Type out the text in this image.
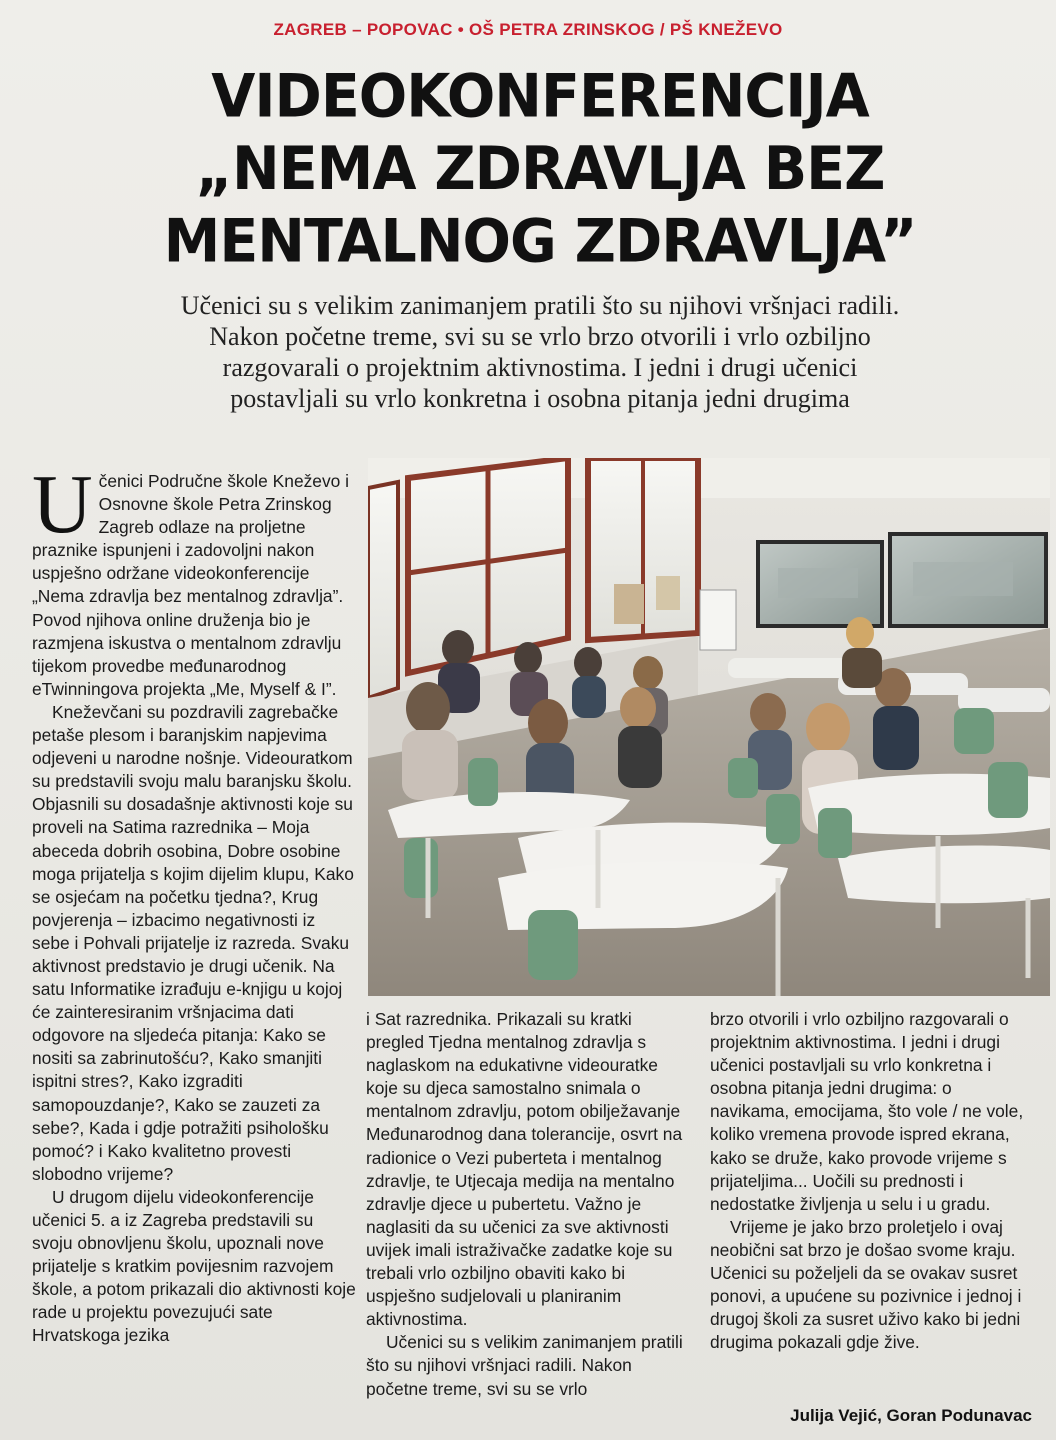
ZAGREB – POPOVAC • OŠ PETRA ZRINSKOG / PŠ KNEŽEVO
VIDEOKONFERENCIJA
„NEMA ZDRAVLJA BEZ
MENTALNOG ZDRAVLJA”
Učenici su s velikim zanimanjem pratili što su njihovi vršnjaci radili.
Nakon početne treme, svi su se vrlo brzo otvorili i vrlo ozbiljno
razgovarali o projektnim aktivnostima. I jedni i drugi učenici
postavljali su vrlo konkretna i osobna pitanja jedni drugima
U čenici Područne škole Kneževo i Osnovne škole Petra Zrinskog Zagreb odlaze na proljetne praznike ispunjeni i zadovoljni nakon uspješno održane videokonferencije „Nema zdravlja bez mentalnog zdravlja”. Povod njihova online druženja bio je razmjena iskustva o mentalnom zdravlju tijekom provedbe međunarodnog eTwinningova projekta „Me, Myself & I”.

Kneževčani su pozdravili zagrebačke petaše plesom i baranjskim napjevima odjeveni u narodne nošnje. Videouratkom su predstavili svoju malu baranjsku školu. Objasnili su dosadašnje aktivnosti koje su proveli na Satima razrednika – Moja abeceda dobrih osobina, Dobre osobine moga prijatelja s kojim dijelim klupu, Kako se osjećam na početku tjedna?, Krug povjerenja – izbacimo negativnosti iz sebe i Pohvali prijatelje iz razreda. Svaku aktivnost predstavio je drugi učenik. Na satu Informatike izrađuju e-knjigu u kojoj će zainteresiranim vršnjacima dati odgovore na sljedeća pitanja: Kako se nositi sa zabrinutošću?, Kako smanjiti ispitni stres?, Kako izgraditi samopouzdanje?, Kako se zauzeti za sebe?, Kada i gdje potražiti psihološku pomoć? i Kako kvalitetno provesti slobodno vrijeme?

U drugom dijelu videokonferencije učenici 5. a iz Zagreba predstavili su svoju obnovljenu školu, upoznali nove prijatelje s kratkim povijesnim razvojem škole, a potom prikazali dio aktivnosti koje rade u projektu povezujući sate Hrvatskoga jezika

i Sat razrednika. Prikazali su kratki pregled Tjedna mentalnog zdravlja s naglaskom na edukativne videouratke koje su djeca samostalno snimala o mentalnom zdravlju, potom obilježavanje Međunarodnog dana tolerancije, osvrt na radionice o Vezi puberteta i mentalnog zdravlje, te Utjecaja medija na mentalno zdravlje djece u pubertetu. Važno je naglasiti da su učenici za sve aktivnosti uvijek imali istraživačke zadatke koje su trebali vrlo ozbiljno obaviti kako bi uspješno sudjelovali u planiranim aktivnostima.

Učenici su s velikim zanimanjem pratili što su njihovi vršnjaci radili. Nakon početne treme, svi su se vrlo

brzo otvorili i vrlo ozbiljno razgovarali o projektnim aktivnostima. I jedni i drugi učenici postavljali su vrlo konkretna i osobna pitanja jedni drugima: o navikama, emocijama, što vole / ne vole, koliko vremena provode ispred ekrana, kako se druže, kako provode vrijeme s prijateljima... Uočili su prednosti i nedostatke življenja u selu i u gradu.

Vrijeme je jako brzo proletjelo i ovaj neobični sat brzo je došao svome kraju. Učenici su poželjeli da se ovakav susret ponovi, a upućene su pozivnice i jednoj i drugoj školi za susret uživo kako bi jedni drugima pokazali gdje žive.

Julija Vejić, Goran Podunavac
